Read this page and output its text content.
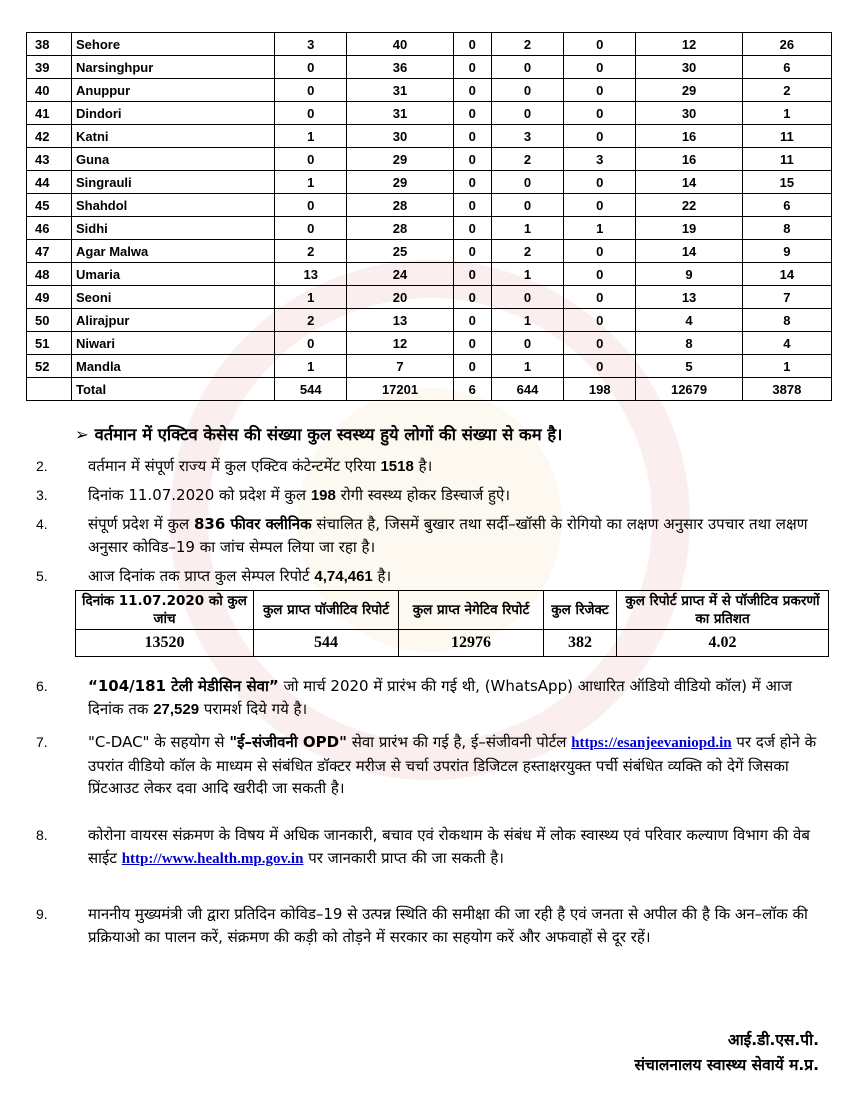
38	Sehore	3	40	0	2	0	12	26
39	Narsinghpur	0	36	0	0	0	30	6
40	Anuppur	0	31	0	0	0	29	2
41	Dindori	0	31	0	0	0	30	1
42	Katni	1	30	0	3	0	16	11
43	Guna	0	29	0	2	3	16	11
44	Singrauli	1	29	0	0	0	14	15
45	Shahdol	0	28	0	0	0	22	6
46	Sidhi	0	28	0	1	1	19	8
47	Agar Malwa	2	25	0	2	0	14	9
48	Umaria	13	24	0	1	0	9	14
49	Seoni	1	20	0	0	0	13	7
50	Alirajpur	2	13	0	1	0	4	8
51	Niwari	0	12	0	0	0	8	4
52	Mandla	1	7	0	1	0	5	1
	Total	544	17201	6	644	198	12679	3878
➢ वर्तमान में एक्टिव केसेस की संख्या कुल स्वस्थ्य हुये लोगों की संख्या से कम है।
2.	वर्तमान में संपूर्ण राज्य में कुल एक्टिव कंटेन्टमेंट एरिया 1518 है।
3.	दिनांक 11.07.2020 को प्रदेश में कुल 198 रोगी स्वस्थ्य होकर डिस्चार्ज हुऐ।
4.	संपूर्ण प्रदेश में कुल 836 फीवर क्लीनिक संचालित है, जिसमें बुखार तथा सर्दी–खॉसी के रोगियो का लक्षण अनुसार उपचार तथा लक्षण अनुसार कोविड–19 का जांच सेम्पल लिया जा रहा है।
5.	आज दिनांक तक प्राप्त कुल सेम्पल रिपोर्ट 4,74,461 है।
दिनांक 11.07.2020 को कुल जांच	कुल प्राप्त पॉजीटिव रिपोर्ट	कुल प्राप्त नेगेटिव रिपोर्ट	कुल रिजेक्ट	कुल रिपोर्ट प्राप्त में से पॉजीटिव प्रकरणों का प्रतिशत
13520	544	12976	382	4.02
6.	“104/181 टेली मेडीसिन सेवा” जो मार्च 2020 में प्रारंभ की गई थी, (WhatsApp) आधारित ऑडियो वीडियो कॉल) में आज दिनांक तक 27,529 परामर्श दिये गये है।
7.	"C-DAC" के सहयोग से "ई–संजीवनी OPD" सेवा प्रारंभ की गई है, ई–संजीवनी पोर्टल https://esanjeevaniopd.in पर दर्ज होने के उपरांत वीडियो कॉल के माध्यम से संबंधित डॉक्टर मरीज से चर्चा उपरांत डिजिटल हस्ताक्षरयुक्त पर्ची संबंधित व्यक्ति को देगें जिसका प्रिंटआउट लेकर दवा आदि खरीदी जा सकती है।
8.	कोरोना वायरस संक्रमण के विषय में अधिक जानकारी, बचाव एवं रोकथाम के संबंध में लोक स्वास्थ्य एवं परिवार कल्याण विभाग की वेब साईट http://www.health.mp.gov.in पर जानकारी प्राप्त की जा सकती है।
9.	माननीय मुख्यमंत्री जी द्वारा प्रतिदिन कोविड–19 से उत्पन्न स्थिति की समीक्षा की जा रही है एवं जनता से अपील की है कि अन–लॉक की प्रक्रियाओ का पालन करें, संक्रमण की कड़ी को तोड़ने में सरकार का सहयोग करें और अफवाहों से दूर रहें।
आई.डी.एस.पी.
संचालनालय स्वास्थ्य सेवायें म.प्र.
